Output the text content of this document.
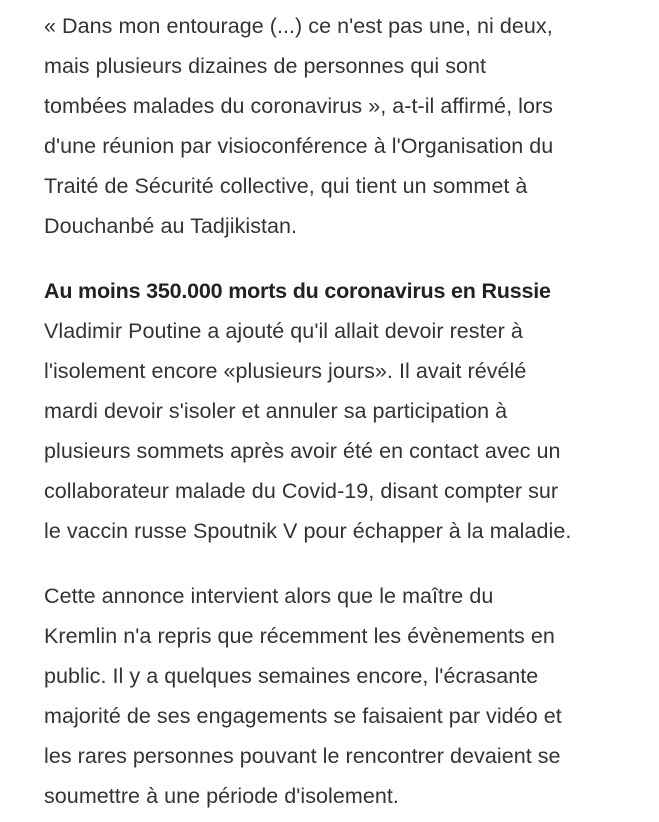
« Dans mon entourage (...) ce n'est pas une, ni deux,
mais plusieurs dizaines de personnes qui sont
tombées malades du coronavirus », a-t-il affirmé, lors
d'une réunion par visioconférence à l'Organisation du
Traité de Sécurité collective, qui tient un sommet à
Douchanbé au Tadjikistan.

Au moins 350.000 morts du coronavirus en Russie

Vladimir Poutine a ajouté qu'il allait devoir rester à
l'isolement encore «plusieurs jours». Il avait révélé
mardi devoir s'isoler et annuler sa participation à
plusieurs sommets après avoir été en contact avec un
collaborateur malade du Covid-19, disant compter sur
le vaccin russe Spoutnik V pour échapper à la maladie.

Cette annonce intervient alors que le maître du
Kremlin n'a repris que récemment les évènements en
public. Il y a quelques semaines encore, l'écrasante
majorité de ses engagements se faisaient par vidéo et
les rares personnes pouvant le rencontrer devaient se
soumettre à une période d'isolement.
